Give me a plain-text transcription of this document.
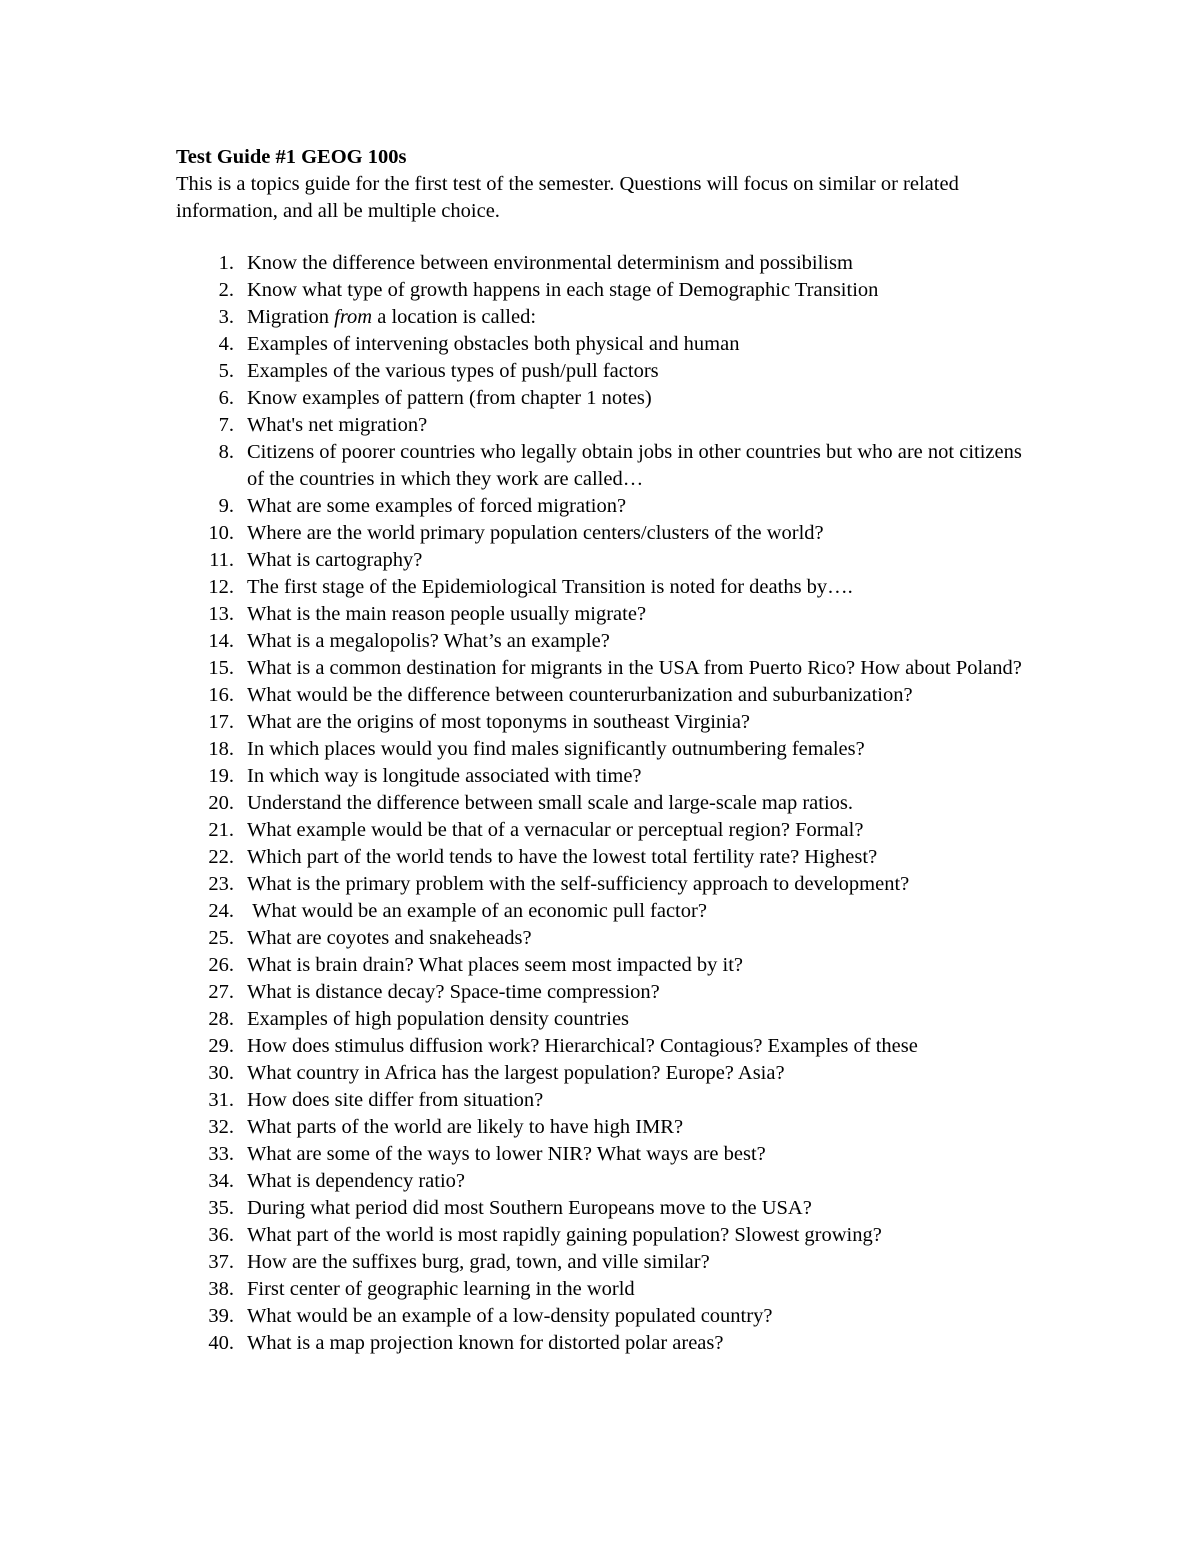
Test Guide #1 GEOG 100s

This is a topics guide for the first test of the semester. Questions will focus on similar or related information, and all be multiple choice.

1. Know the difference between environmental determinism and possibilism
2. Know what type of growth happens in each stage of Demographic Transition
3. Migration from a location is called:
4. Examples of intervening obstacles both physical and human
5. Examples of the various types of push/pull factors
6. Know examples of pattern (from chapter 1 notes)
7. What's net migration?
8. Citizens of poorer countries who legally obtain jobs in other countries but who are not citizens of the countries in which they work are called…
9. What are some examples of forced migration?
10. Where are the world primary population centers/clusters of the world?
11. What is cartography?
12. The first stage of the Epidemiological Transition is noted for deaths by….
13. What is the main reason people usually migrate?
14. What is a megalopolis? What’s an example?
15. What is a common destination for migrants in the USA from Puerto Rico? How about Poland?
16. What would be the difference between counterurbanization and suburbanization?
17. What are the origins of most toponyms in southeast Virginia?
18. In which places would you find males significantly outnumbering females?
19. In which way is longitude associated with time?
20. Understand the difference between small scale and large-scale map ratios.
21. What example would be that of a vernacular or perceptual region? Formal?
22. Which part of the world tends to have the lowest total fertility rate? Highest?
23. What is the primary problem with the self-sufficiency approach to development?
24. What would be an example of an economic pull factor?
25. What are coyotes and snakeheads?
26. What is brain drain? What places seem most impacted by it?
27. What is distance decay? Space-time compression?
28. Examples of high population density countries
29. How does stimulus diffusion work? Hierarchical? Contagious? Examples of these
30. What country in Africa has the largest population? Europe? Asia?
31. How does site differ from situation?
32. What parts of the world are likely to have high IMR?
33. What are some of the ways to lower NIR? What ways are best?
34. What is dependency ratio?
35. During what period did most Southern Europeans move to the USA?
36. What part of the world is most rapidly gaining population? Slowest growing?
37. How are the suffixes burg, grad, town, and ville similar?
38. First center of geographic learning in the world
39. What would be an example of a low-density populated country?
40. What is a map projection known for distorted polar areas?
